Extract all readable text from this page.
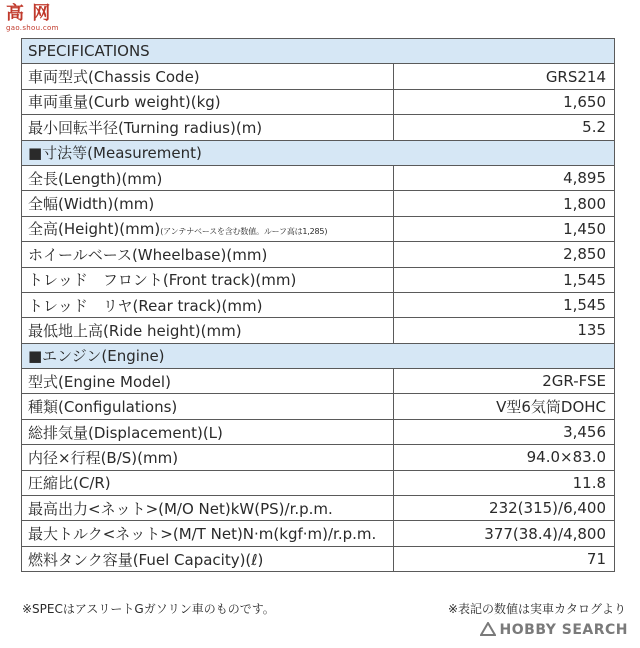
高 网
gao.shou.com
SPECIFICATIONS	
車両型式(Chassis Code)	GRS214
車両重量(Curb weight)(kg)	1,650
最小回転半径(Turning radius)(m)	5.2
■寸法等(Measurement)	
全長(Length)(mm)	4,895
全幅(Width)(mm)	1,800
全高(Height)(mm)(アンテナベースを含む数値。ルーフ高は1,285)	1,450
ホイールベース(Wheelbase)(mm)	2,850
トレッド　フロント(Front track)(mm)	1,545
トレッド　リヤ(Rear track)(mm)	1,545
最低地上高(Ride height)(mm)	135
■エンジン(Engine)	
型式(Engine Model)	2GR-FSE
種類(Configulations)	V型6気筒DOHC
総排気量(Displacement)(L)	3,456
内径×行程(B/S)(mm)	94.0×83.0
圧縮比(C/R)	11.8
最高出力<ネット>(M/O Net)kW(PS)/r.p.m.	232(315)/6,400
最大トルク<ネット>(M/T Net)N·m(kgf·m)/r.p.m.	377(38.4)/4,800
燃料タンク容量(Fuel Capacity)(ℓ)	71
※SPECはアスリートGガソリン車のものです。	※表記の数値は実車カタログより
HOBBY SEARCH
